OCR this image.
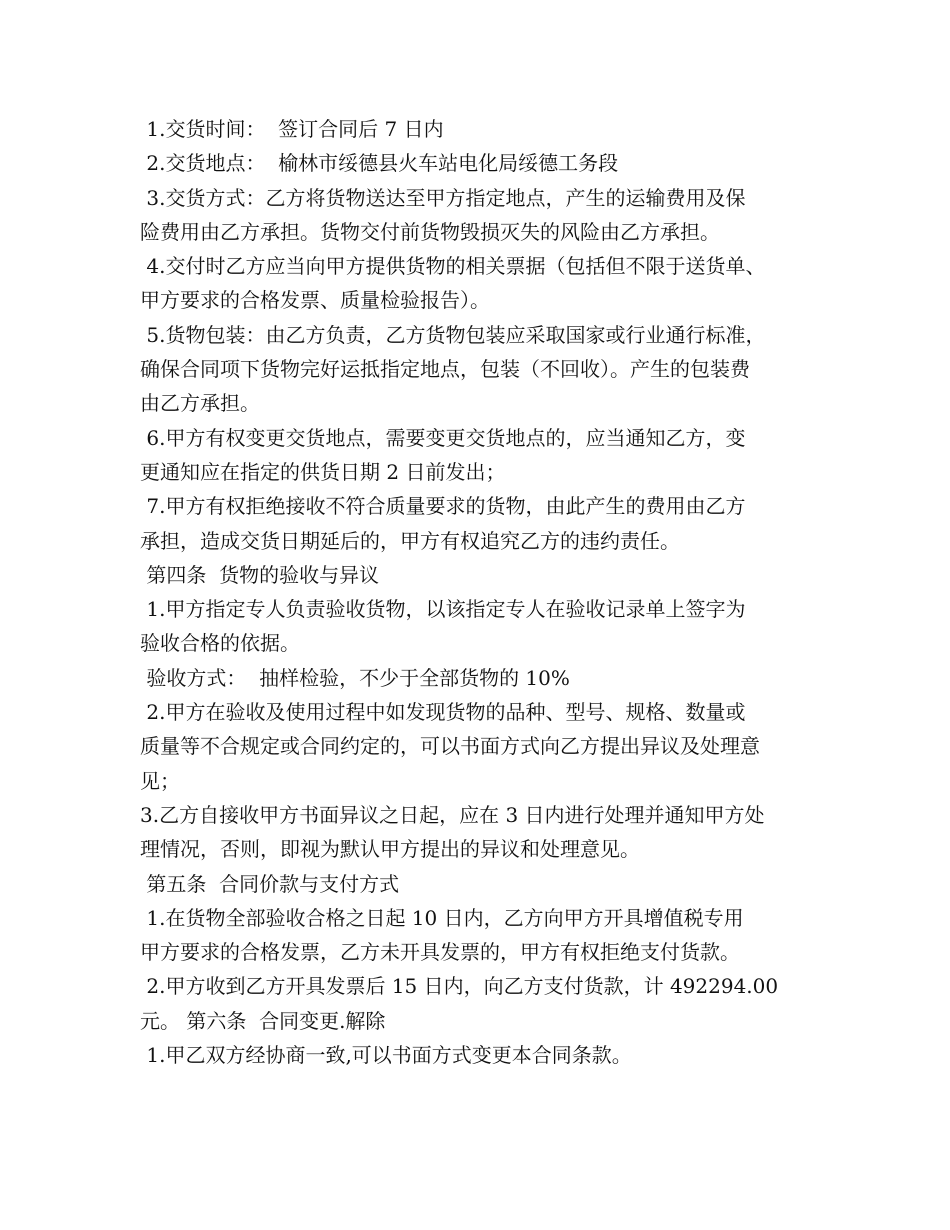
1.交货时间：  签订合同后 7 日内
2.交货地点：  榆林市绥德县火车站电化局绥德工务段
3.交货方式：乙方将货物送达至甲方指定地点，产生的运输费用及保
险费用由乙方承担。货物交付前货物毁损灭失的风险由乙方承担。
4.交付时乙方应当向甲方提供货物的相关票据（包括但不限于送货单、
甲方要求的合格发票、质量检验报告）。
5.货物包装：由乙方负责，乙方货物包装应采取国家或行业通行标准，
确保合同项下货物完好运抵指定地点，包装（不回收）。产生的包装费
由乙方承担。
6.甲方有权变更交货地点，需要变更交货地点的，应当通知乙方，变
更通知应在指定的供货日期 2 日前发出；
7.甲方有权拒绝接收不符合质量要求的货物，由此产生的费用由乙方
承担，造成交货日期延后的，甲方有权追究乙方的违约责任。
第四条  货物的验收与异议
1.甲方指定专人负责验收货物，以该指定专人在验收记录单上签字为
验收合格的依据。
验收方式：  抽样检验，不少于全部货物的 10%
2.甲方在验收及使用过程中如发现货物的品种、型号、规格、数量或
质量等不合规定或合同约定的，可以书面方式向乙方提出异议及处理意
见；
3.乙方自接收甲方书面异议之日起，应在 3 日内进行处理并通知甲方处
理情况，否则，即视为默认甲方提出的异议和处理意见。
第五条  合同价款与支付方式
1.在货物全部验收合格之日起 10 日内，乙方向甲方开具增值税专用
甲方要求的合格发票，乙方未开具发票的，甲方有权拒绝支付货款。
2.甲方收到乙方开具发票后 15 日内，向乙方支付货款，计 492294.00
元。 第六条  合同变更.解除
1.甲乙双方经协商一致,可以书面方式变更本合同条款。
